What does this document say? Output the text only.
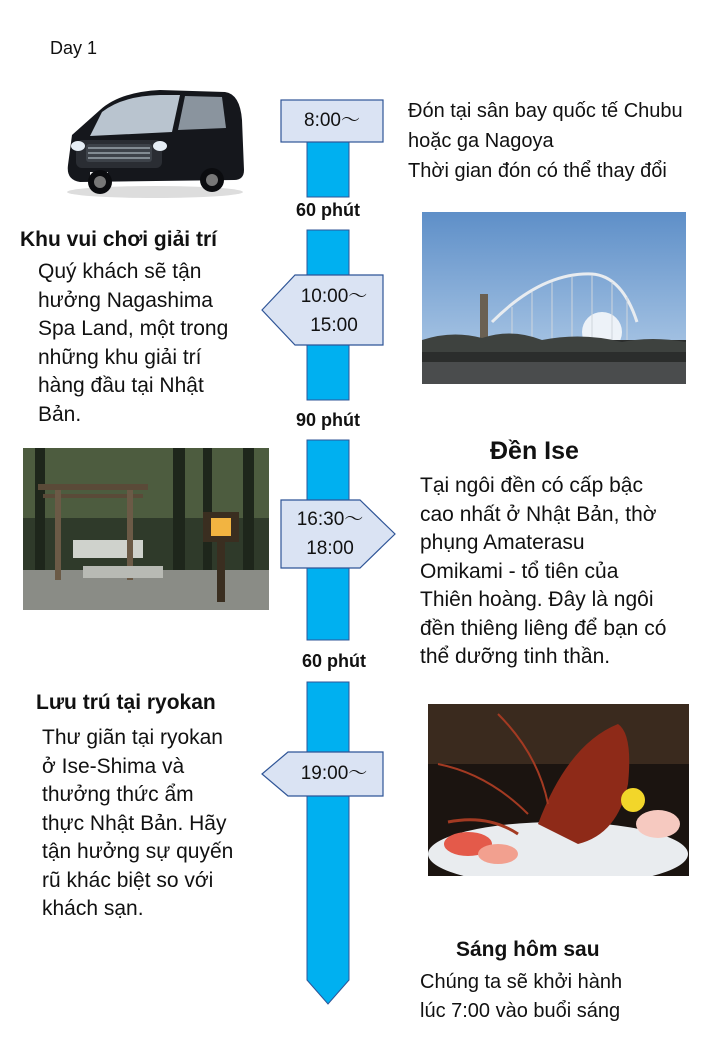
Day 1
8:00～
10:00～
15:00
16:30～
18:00
19:00～
60 phút
90 phút
60 phút
Đón tại sân bay quốc tế Chubu
hoặc ga Nagoya
Thời gian đón có thể thay đổi
Khu vui chơi giải trí
Quý khách sẽ tận
hưởng Nagashima
Spa Land, một trong
những khu giải trí
hàng đầu tại Nhật
Bản.
Đền Ise
Tại ngôi đền có cấp bậc
cao nhất ở Nhật Bản, thờ
phụng Amaterasu
Omikami - tổ tiên của
Thiên hoàng. Đây là ngôi
đền thiêng liêng để bạn có
thể dưỡng tinh thần.
Lưu trú tại ryokan
Thư giãn tại ryokan
ở Ise-Shima và
thưởng thức ẩm
thực Nhật Bản. Hãy
tận hưởng sự quyến
rũ khác biệt so với
khách sạn.
Sáng hôm sau
Chúng ta sẽ khởi hành
lúc 7:00 vào buổi sáng
